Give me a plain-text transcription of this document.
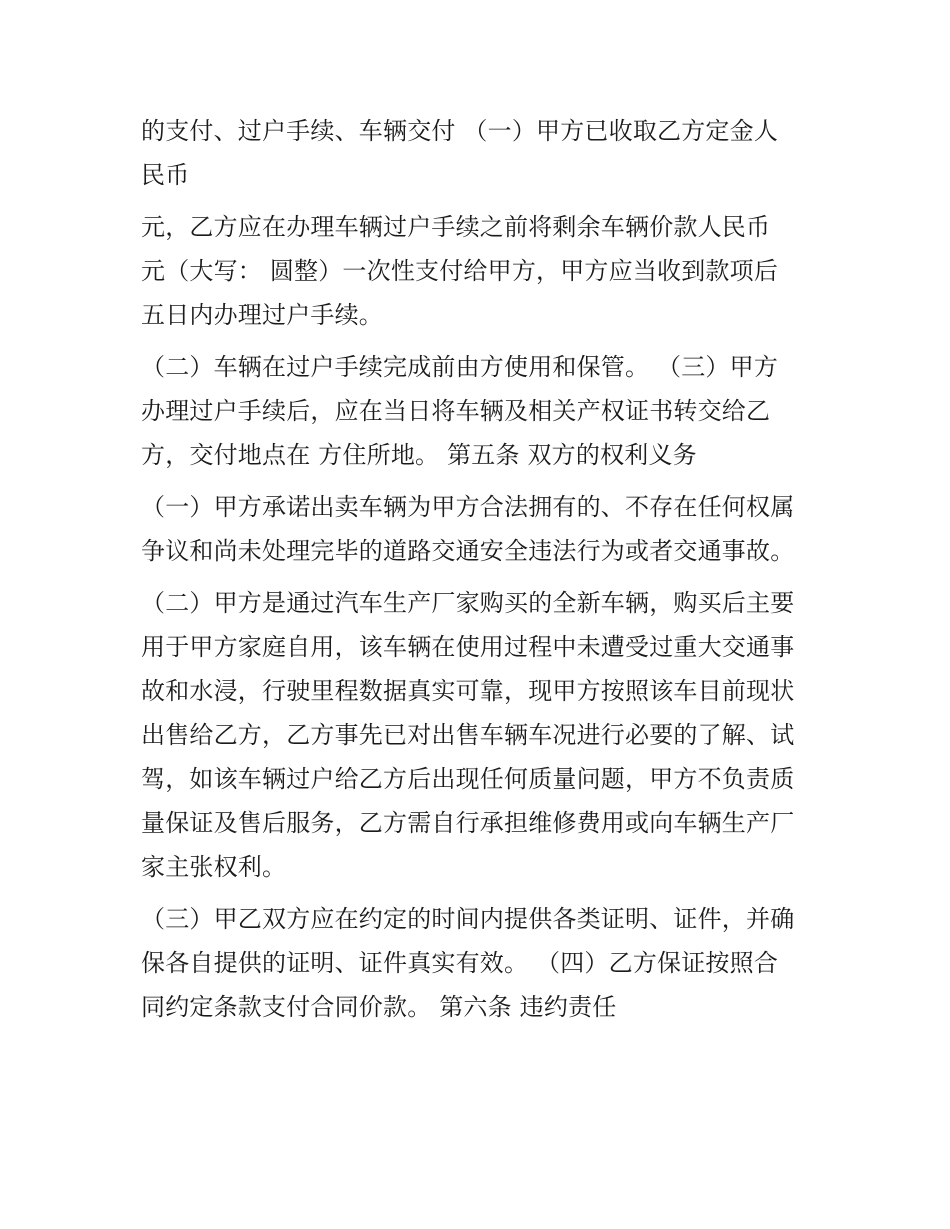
的支付、过户手续、车辆交付 （一）甲方已收取乙方定金人
民币
元，乙方应在办理车辆过户手续之前将剩余车辆价款人民币
元（大写： 圆整）一次性支付给甲方，甲方应当收到款项后
五日内办理过户手续。
（二）车辆在过户手续完成前由方使用和保管。 （三）甲方
办理过户手续后，应在当日将车辆及相关产权证书转交给乙
方，交付地点在 方住所地。 第五条 双方的权利义务
（一）甲方承诺出卖车辆为甲方合法拥有的、不存在任何权属
争议和尚未处理完毕的道路交通安全违法行为或者交通事故。
（二）甲方是通过汽车生产厂家购买的全新车辆，购买后主要
用于甲方家庭自用，该车辆在使用过程中未遭受过重大交通事
故和水浸，行驶里程数据真实可靠，现甲方按照该车目前现状
出售给乙方，乙方事先已对出售车辆车况进行必要的了解、试
驾，如该车辆过户给乙方后出现任何质量问题，甲方不负责质
量保证及售后服务，乙方需自行承担维修费用或向车辆生产厂
家主张权利。
（三）甲乙双方应在约定的时间内提供各类证明、证件，并确
保各自提供的证明、证件真实有效。 （四）乙方保证按照合
同约定条款支付合同价款。 第六条 违约责任
